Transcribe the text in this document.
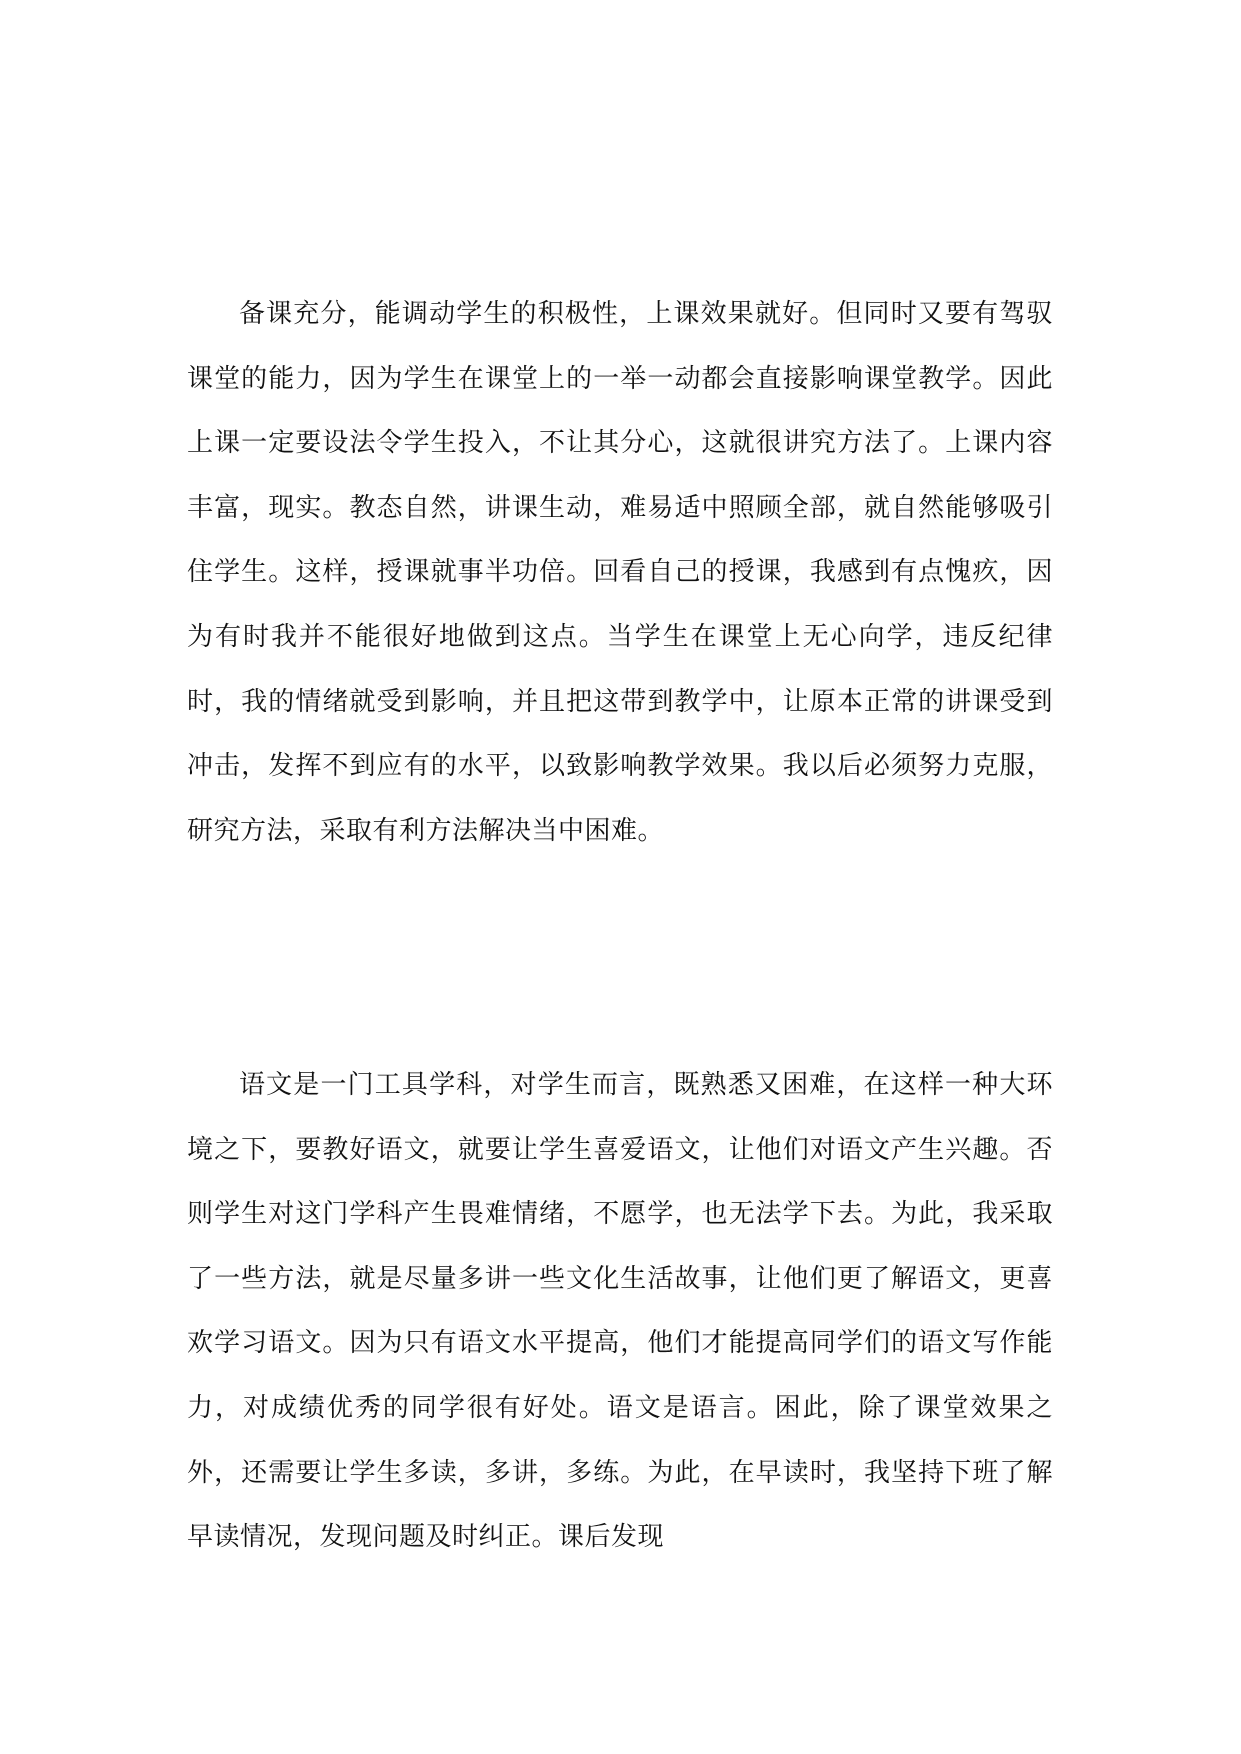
备课充分，能调动学生的积极性，上课效果就好。但同时又要有驾驭课堂的能力，因为学生在课堂上的一举一动都会直接影响课堂教学。因此上课一定要设法令学生投入，不让其分心，这就很讲究方法了。上课内容丰富，现实。教态自然，讲课生动，难易适中照顾全部，就自然能够吸引住学生。这样，授课就事半功倍。回看自己的授课，我感到有点愧疚，因为有时我并不能很好地做到这点。当学生在课堂上无心向学，违反纪律时，我的情绪就受到影响，并且把这带到教学中，让原本正常的讲课受到冲击，发挥不到应有的水平，以致影响教学效果。我以后必须努力克服，研究方法，采取有利方法解决当中困难。

语文是一门工具学科，对学生而言，既熟悉又困难，在这样一种大环境之下，要教好语文，就要让学生喜爱语文，让他们对语文产生兴趣。否则学生对这门学科产生畏难情绪，不愿学，也无法学下去。为此，我采取了一些方法，就是尽量多讲一些文化生活故事，让他们更了解语文，更喜欢学习语文。因为只有语文水平提高，他们才能提高同学们的语文写作能力，对成绩优秀的同学很有好处。语文是语言。困此，除了课堂效果之外，还需要让学生多读，多讲，多练。为此，在早读时，我坚持下班了解早读情况，发现问题及时纠正。课后发现
